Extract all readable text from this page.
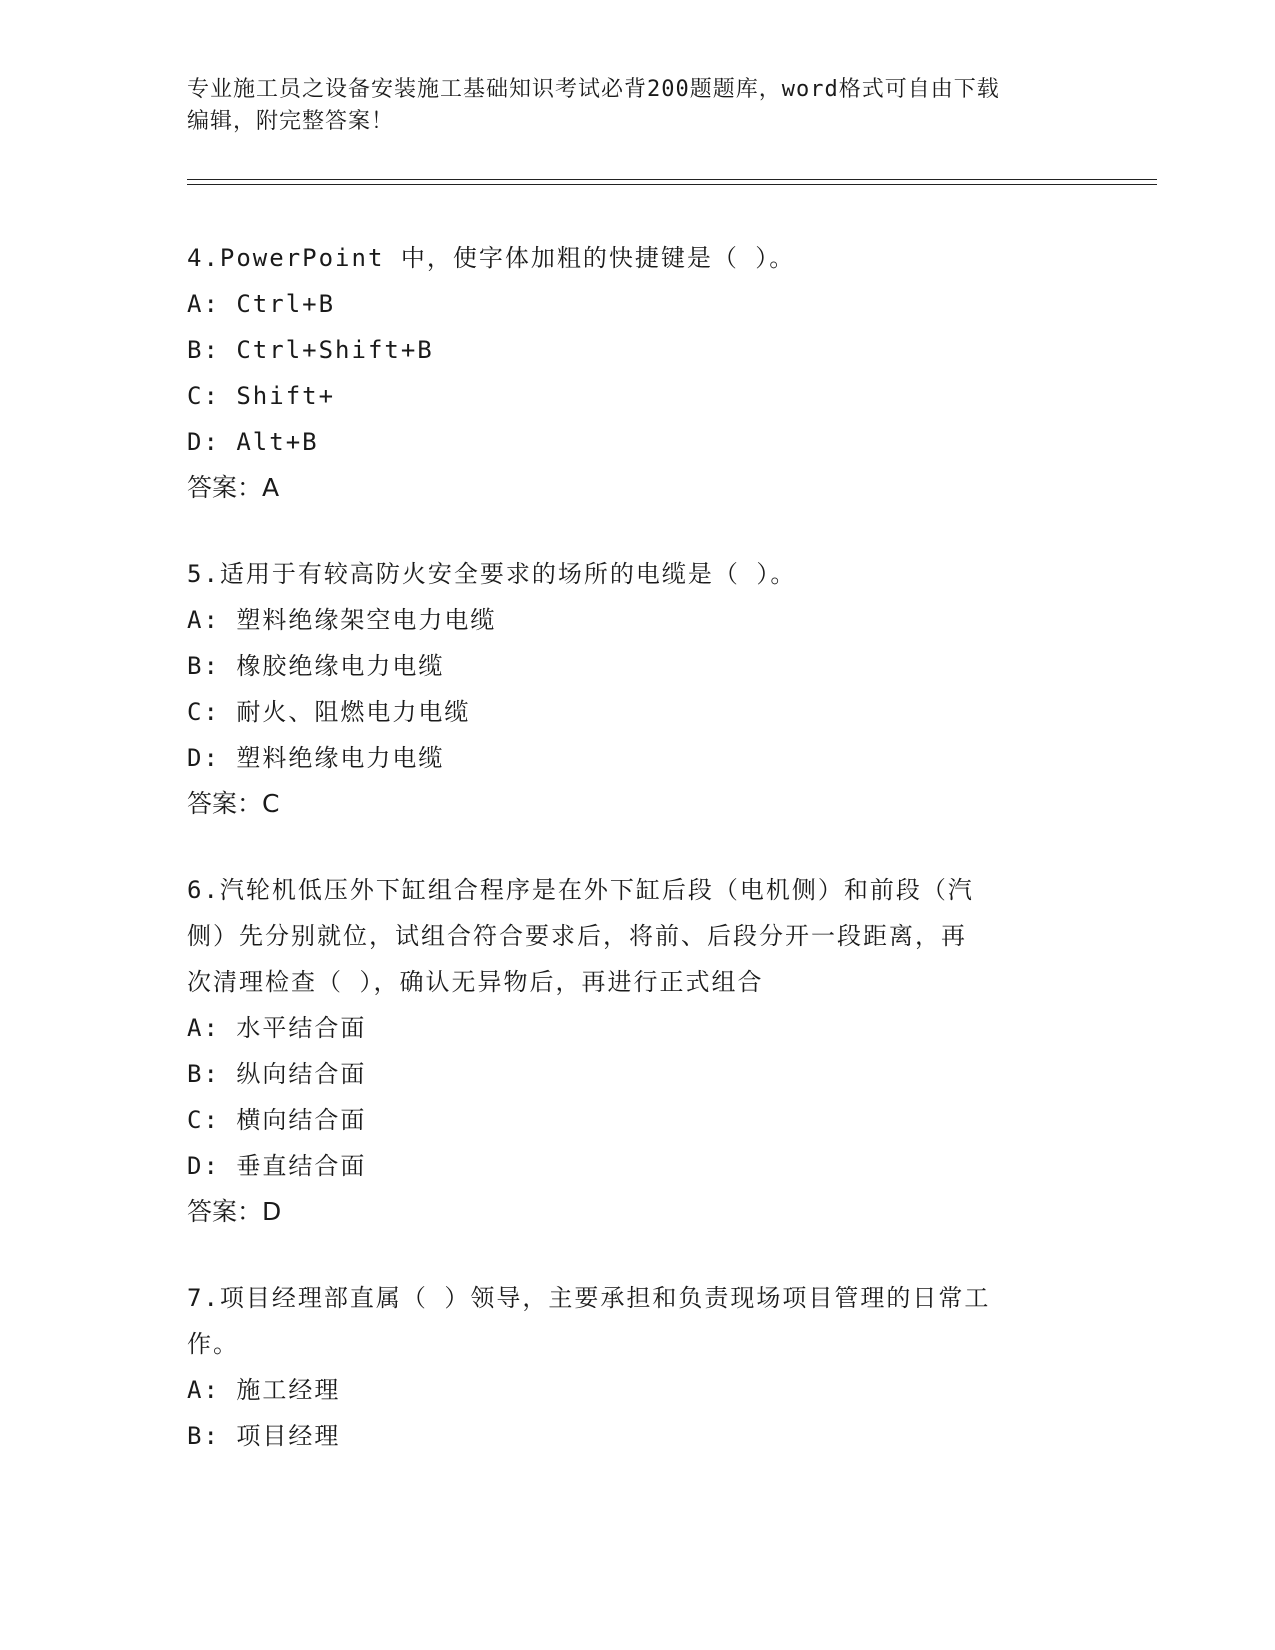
专业施工员之设备安装施工基础知识考试必背200题题库，word格式可自由下载
编辑，附完整答案！
4.PowerPoint 中，使字体加粗的快捷键是（ ）。
A: Ctrl+B
B: Ctrl+Shift+B
C: Shift+
D: Alt+B
答案：A
5.适用于有较高防火安全要求的场所的电缆是（ ）。
A: 塑料绝缘架空电力电缆
B: 橡胶绝缘电力电缆
C: 耐火、阻燃电力电缆
D: 塑料绝缘电力电缆
答案：C
6.汽轮机低压外下缸组合程序是在外下缸后段（电机侧）和前段（汽
侧）先分别就位，试组合符合要求后，将前、后段分开一段距离，再
次清理检查（ ），确认无异物后，再进行正式组合
A: 水平结合面
B: 纵向结合面
C: 横向结合面
D: 垂直结合面
答案：D
7.项目经理部直属（ ）领导，主要承担和负责现场项目管理的日常工
作。
A: 施工经理
B: 项目经理
